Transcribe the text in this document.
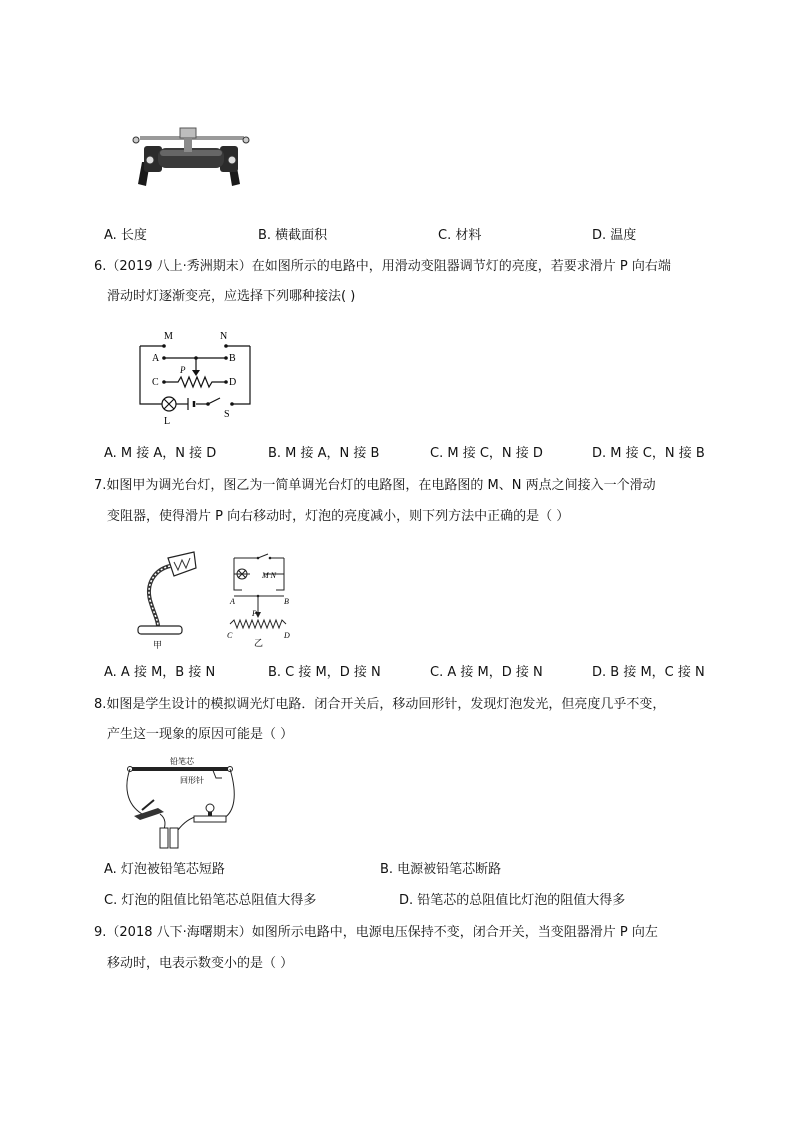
A. 长度	B. 横截面积	C. 材料	D. 温度
6.（2019 八上·秀洲期末）在如图所示的电路中，用滑动变阻器调节灯的亮度，若要求滑片 P 向右端
滑动时灯逐渐变亮，应选择下列哪种接法( )
M	N
A	B
C	D
P
L
S
A. M 接 A，N 接 D	B. M 接 A，N 接 B	C. M 接 C，N 接 D	D. M 接 C，N 接 B
7.如图甲为调光台灯，图乙为一简单调光台灯的电路图，在电路图的 M、N 两点之间接入一个滑动
变阻器，使得滑片 P 向右移动时，灯泡的亮度减小，则下列方法中正确的是（ ）
甲
M N
A	B
P
C	D
乙
A. A 接 M，B 接 N	B. C 接 M，D 接 N	C. A 接 M，D 接 N	D. B 接 M，C 接 N
8.如图是学生设计的模拟调光灯电路．闭合开关后，移动回形针，发现灯泡发光，但亮度几乎不变，
产生这一现象的原因可能是（ ）
铅笔芯
回形针
A. 灯泡被铅笔芯短路	B. 电源被铅笔芯断路
C. 灯泡的阻值比铅笔芯总阻值大得多	D. 铅笔芯的总阻值比灯泡的阻值大得多
9.（2018 八下·海曙期末）如图所示电路中，电源电压保持不变，闭合开关，当变阻器滑片 P 向左
移动时，电表示数变小的是（ ）
